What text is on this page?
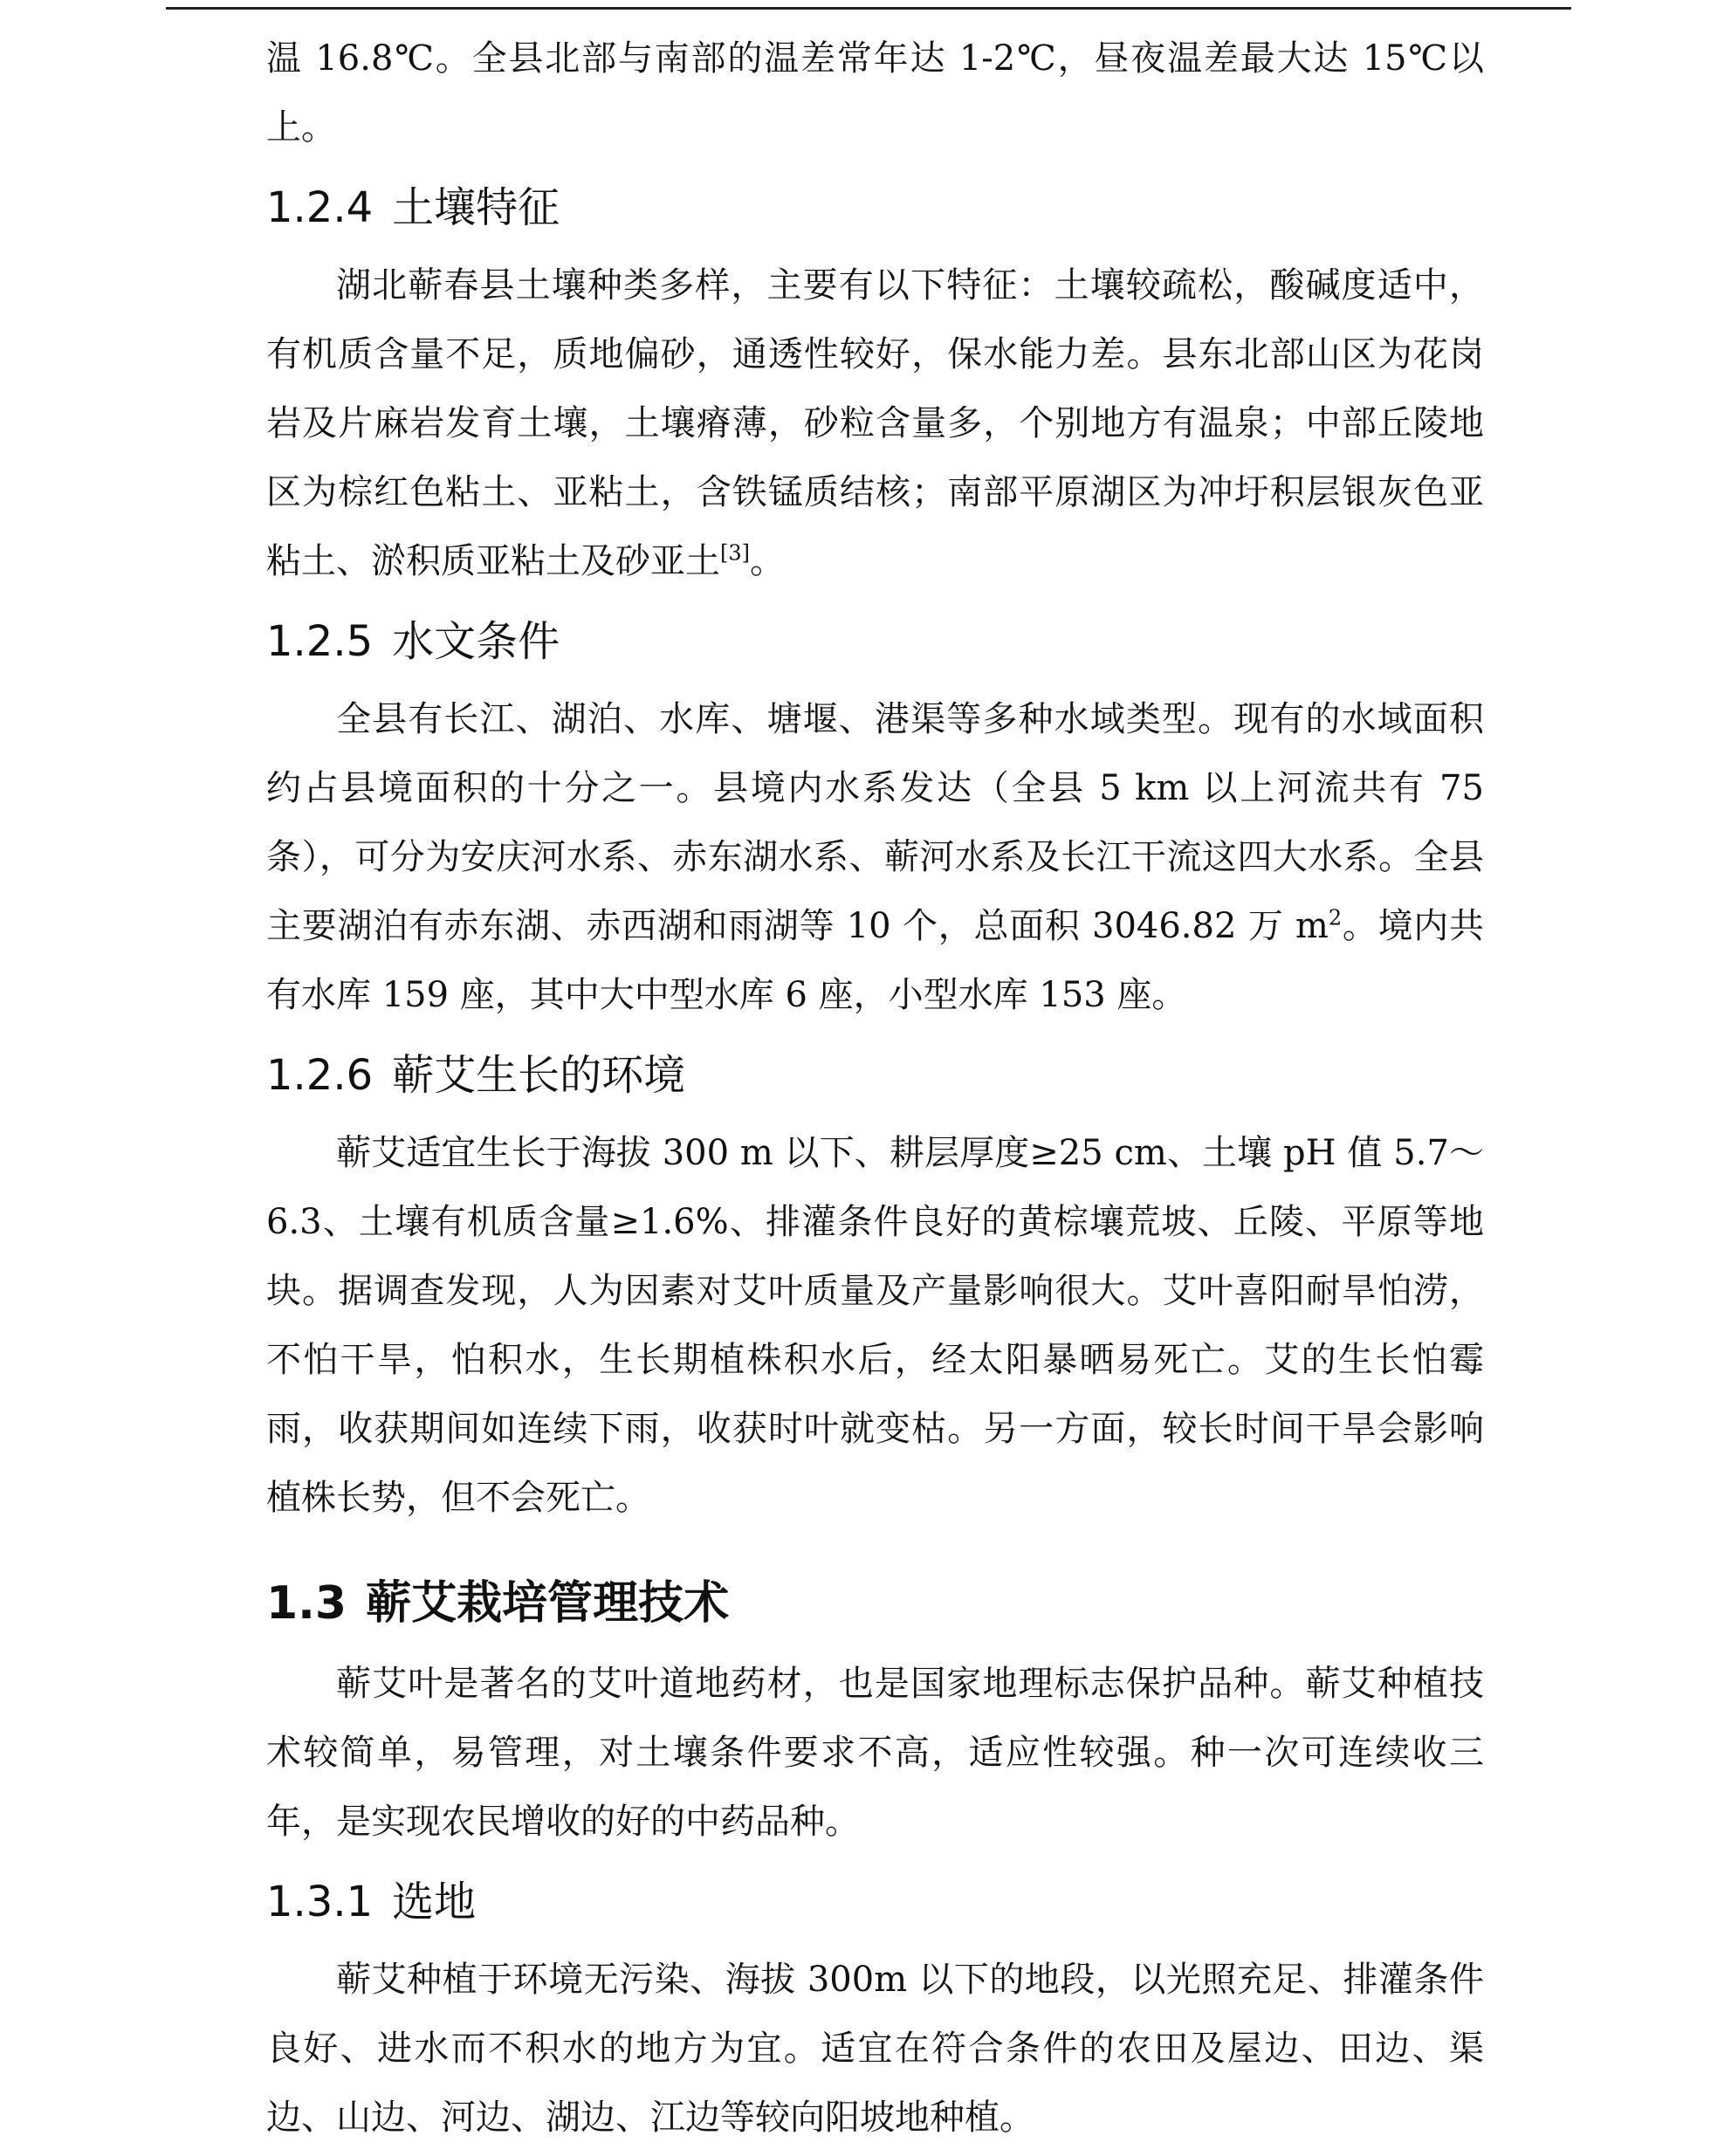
温 16.8℃。全县北部与南部的温差常年达 1-2℃，昼夜温差最大达 15℃以上。

1.2.4 土壤特征

湖北蕲春县土壤种类多样，主要有以下特征：土壤较疏松，酸碱度适中，有机质含量不足，质地偏砂，通透性较好，保水能力差。县东北部山区为花岗岩及片麻岩发育土壤，土壤瘠薄，砂粒含量多，个别地方有温泉；中部丘陵地区为棕红色粘土、亚粘土，含铁锰质结核；南部平原湖区为冲圩积层银灰色亚粘土、淤积质亚粘土及砂亚土[3]。

1.2.5 水文条件

全县有长江、湖泊、水库、塘堰、港渠等多种水域类型。现有的水域面积约占县境面积的十分之一。县境内水系发达（全县 5 km 以上河流共有 75 条），可分为安庆河水系、赤东湖水系、蕲河水系及长江干流这四大水系。全县主要湖泊有赤东湖、赤西湖和雨湖等 10 个，总面积 3046.82 万 $m^2$。境内共有水库 159 座，其中大中型水库 6 座，小型水库 153 座。

1.2.6 蕲艾生长的环境

蕲艾适宜生长于海拔 300 m 以下、耕层厚度≥25 cm、土壤 pH 值 5.7～6.3、土壤有机质含量≥1.6%、排灌条件良好的黄棕壤荒坡、丘陵、平原等地块。据调查发现，人为因素对艾叶质量及产量影响很大。艾叶喜阳耐旱怕涝，不怕干旱，怕积水，生长期植株积水后，经太阳暴晒易死亡。艾的生长怕霉雨，收获期间如连续下雨，收获时叶就变枯。另一方面，较长时间干旱会影响植株长势，但不会死亡。

1.3 蕲艾栽培管理技术

蕲艾叶是著名的艾叶道地药材，也是国家地理标志保护品种。蕲艾种植技术较简单，易管理，对土壤条件要求不高，适应性较强。种一次可连续收三年，是实现农民增收的好的中药品种。

1.3.1 选地

蕲艾种植于环境无污染、海拔 300m 以下的地段，以光照充足、排灌条件良好、进水而不积水的地方为宜。适宜在符合条件的农田及屋边、田边、渠边、山边、河边、湖边、江边等较向阳坡地种植。
